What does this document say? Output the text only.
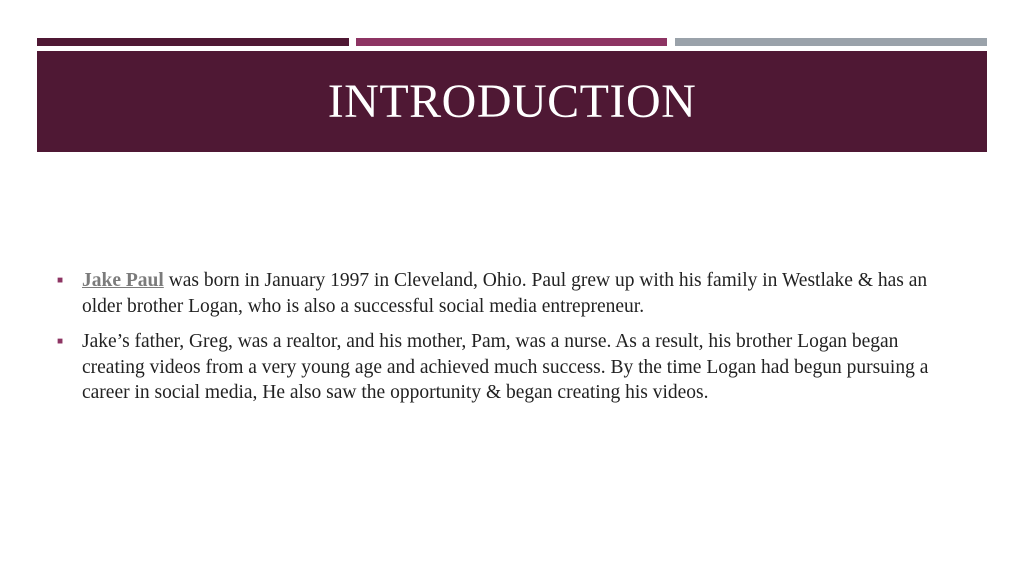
INTRODUCTION
■ Jake Paul was born in January 1997 in Cleveland, Ohio. Paul grew up with his family in Westlake & has an older brother Logan, who is also a successful social media entrepreneur.
■ Jake’s father, Greg, was a realtor, and his mother, Pam, was a nurse. As a result, his brother Logan began creating videos from a very young age and achieved much success. By the time Logan had begun pursuing a career in social media, He also saw the opportunity & began creating his videos.
